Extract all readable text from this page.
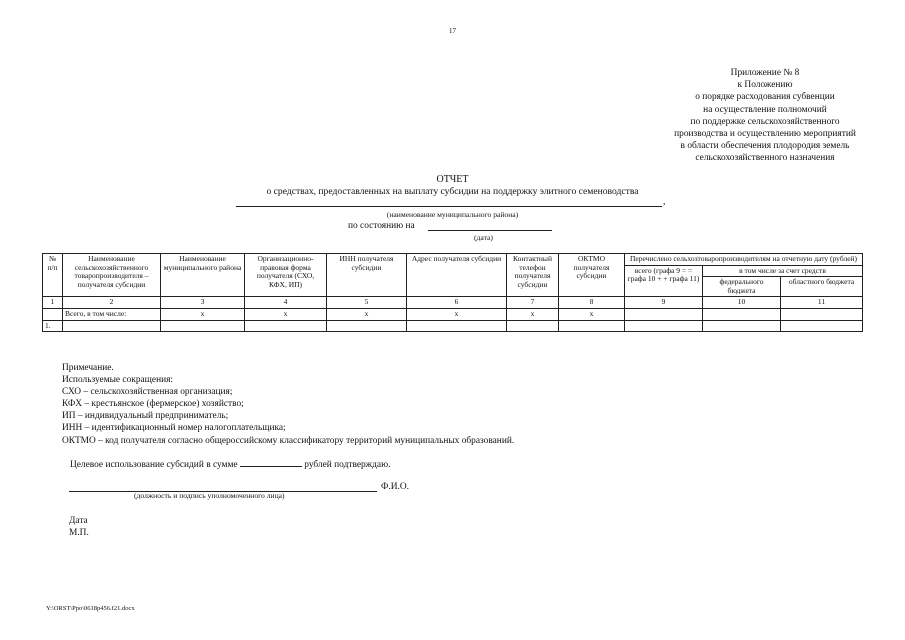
17
Приложение № 8
к Положению
о порядке расходования субвенции
на осуществление полномочий
по поддержке сельскохозяйственного
производства и осуществлению мероприятий
в области обеспечения плодородия земель
сельскохозяйственного назначения
ОТЧЕТ
о средствах, предоставленных на выплату субсидии на поддержку элитного семеноводства
,
(наименование муниципального района)
по состоянию на
(дата)
№ п/п	Наименование сельскохозяйственного товаропроизводителя – получателя субсидии	Наименование муниципального района	Организационно-правовая форма получателя (СХО, КФХ, ИП)	ИНН получателя субсидии	Адрес получателя субсидии	Контактный телефон получателя субсидии	ОКТМО получателя субсидии	Перечислено сельхозтоваропроизводителям на отчетную дату (рублей)		
								всего (графа 9 = = графа 10 + + графа 11)	в том числе за счет средств	
									федерального бюджета	областного бюджета
1	2	3	4	5	6	7	8	9	10	11
	Всего, в том числе:	х	х	х	х	х	х			
1.										
Примечание.
Используемые сокращения:
СХО – сельскохозяйственная организация;
КФХ – крестьянское (фермерское) хозяйство;
ИП – индивидуальный предприниматель;
ИНН – идентификационный номер налогоплательщика;
ОКТМО – код получателя согласно общероссийскому классификатору территорий муниципальных образований.
Целевое использование субсидий в сумме	рублей подтверждаю.
Ф.И.О.
(должность и подпись уполномоченного лица)
Дата
М.П.
Y:\ORST\Ppo\0618p456.f21.docx
